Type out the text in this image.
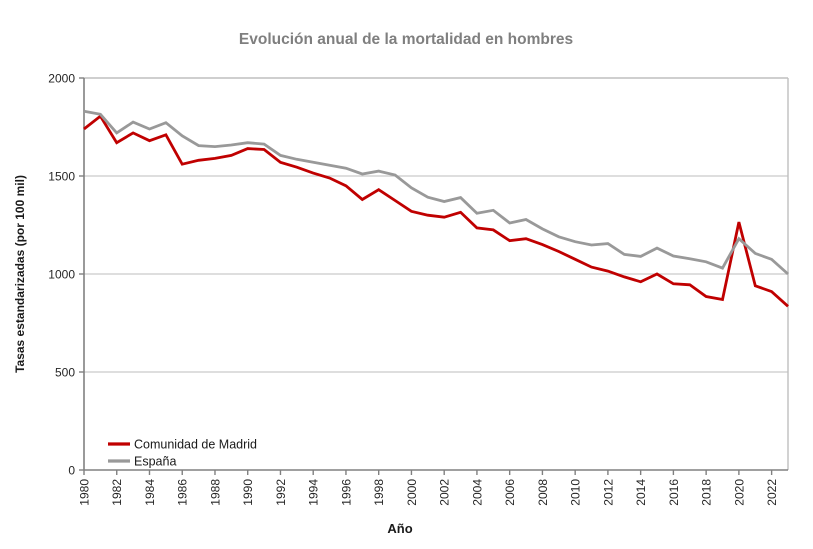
Evolución anual de la mortalidad en hombres
0
500
1000
1500
2000
1980 1982 1984 1986 1988 1990 1992 1994 1996 1998 2000 2002 2004 2006 2008 2010 2012 2014 2016 2018 2020 2022
Comunidad de Madrid
España
Tasas estandarizadas (por 100 mil)
Año
